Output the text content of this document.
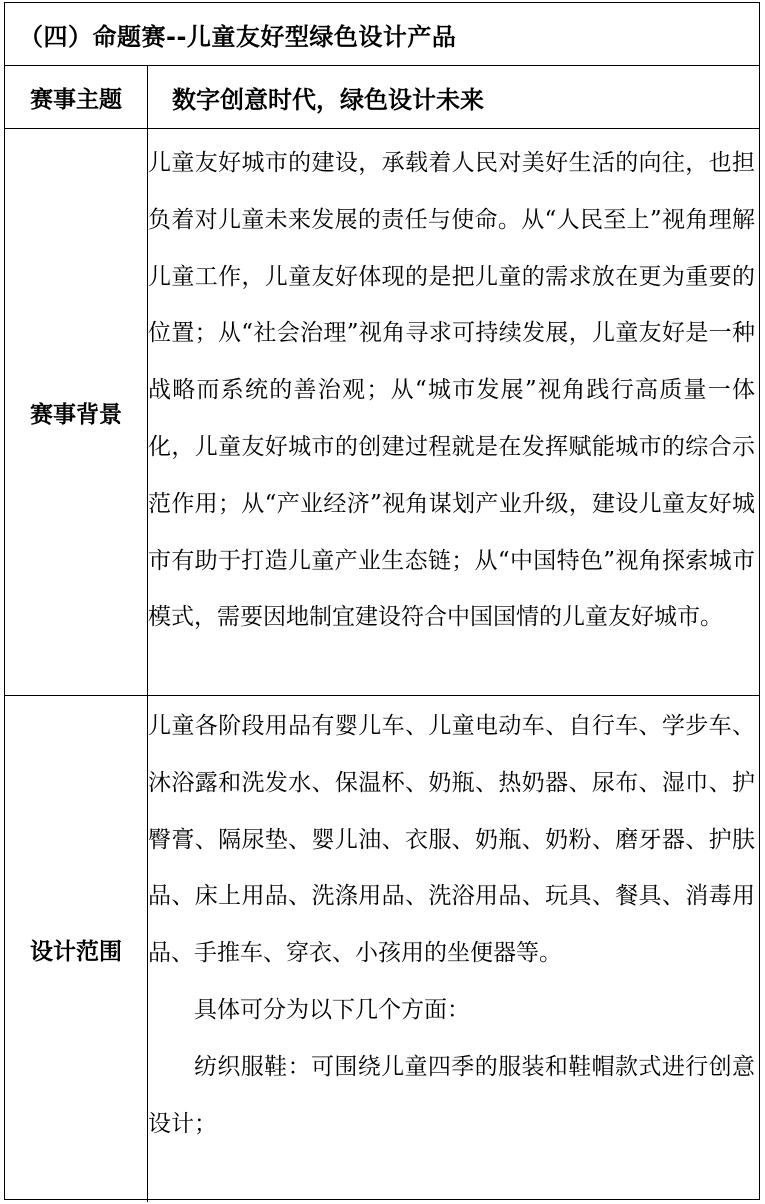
（四）命题赛--儿童友好型绿色设计产品
赛事主题	数字创意时代，绿色设计未来
赛事背景

儿童友好城市的建设，承载着人民对美好生活的向往，也担负着对儿童未来发展的责任与使命。从“人民至上”视角理解儿童工作，儿童友好体现的是把儿童的需求放在更为重要的位置；从“社会治理”视角寻求可持续发展，儿童友好是一种战略而系统的善治观；从“城市发展”视角践行高质量一体化，儿童友好城市的创建过程就是在发挥赋能城市的综合示范作用；从“产业经济”视角谋划产业升级，建设儿童友好城市有助于打造儿童产业生态链；从“中国特色”视角探索城市模式，需要因地制宜建设符合中国国情的儿童友好城市。

设计范围

儿童各阶段用品有婴儿车、儿童电动车、自行车、学步车、沐浴露和洗发水、保温杯、奶瓶、热奶器、尿布、湿巾、护臀膏、隔尿垫、婴儿油、衣服、奶瓶、奶粉、磨牙器、护肤品、床上用品、洗涤用品、洗浴用品、玩具、餐具、消毒用品、手推车、穿衣、小孩用的坐便器等。

具体可分为以下几个方面：

纺织服鞋：可围绕儿童四季的服装和鞋帽款式进行创意设计；
